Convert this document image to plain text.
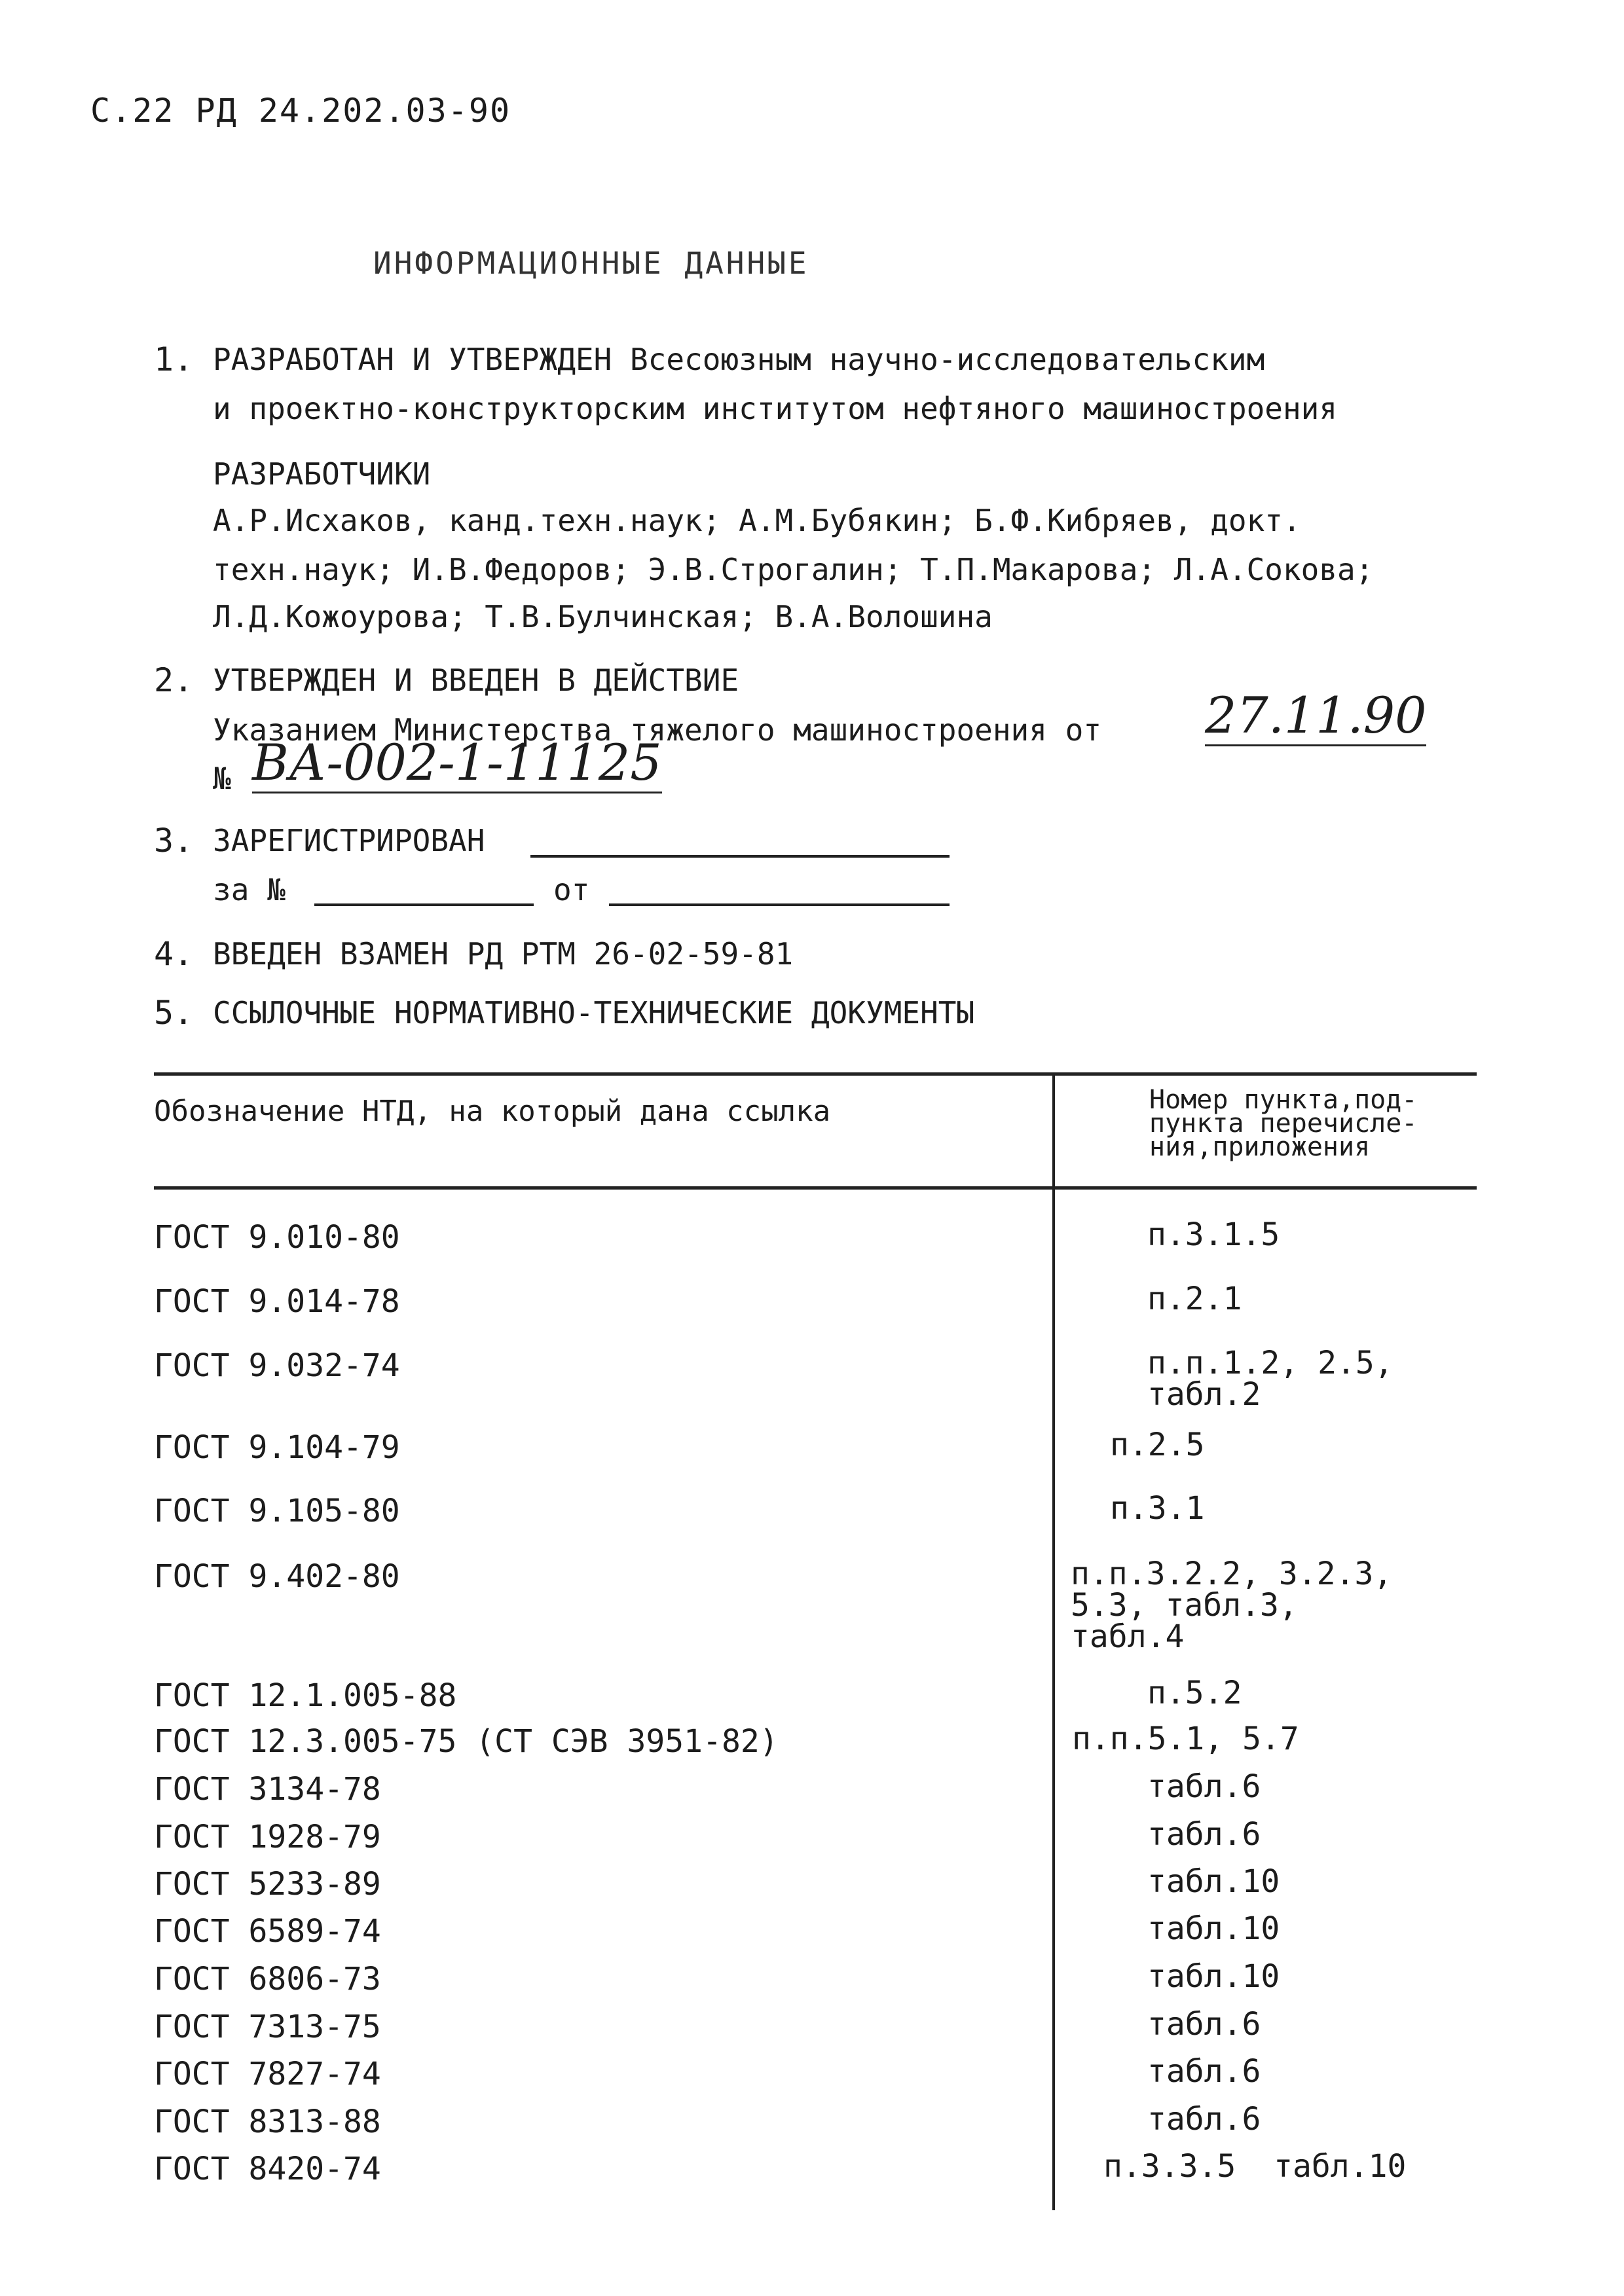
С.22 РД 24.202.03-90
ИНФОРМАЦИОННЫЕ ДАННЫЕ
1. РАЗРАБОТАН И УТВЕРЖДЕН Всесоюзным научно-исследовательским
и проектно-конструкторским институтом нефтяного машиностроения
РАЗРАБОТЧИКИ
А.Р.Исхаков, канд.техн.наук; А.М.Бубякин; Б.Ф.Кибряев, докт.
техн.наук; И.В.Федоров; Э.В.Строгалин; Т.П.Макарова; Л.А.Сокова;
Л.Д.Кожоурова; Т.В.Булчинская; В.А.Волошина
2. УТВЕРЖДЕН И ВВЕДЕН В ДЕЙСТВИЕ
Указанием Министерства тяжелого машиностроения от 27.11.90
№ ВА-002-1-11125
3. ЗАРЕГИСТРИРОВАН
за №	от
4. ВВЕДЕН ВЗАМЕН РД РТМ 26-02-59-81
5. ССЫЛОЧНЫЕ НОРМАТИВНО-ТЕХНИЧЕСКИЕ ДОКУМЕНТЫ
Обозначение НТД, на который дана ссылка	Номер пункта,под-
пункта перечисле-
ния,приложения
ГОСТ 9.010-80	п.3.1.5
ГОСТ 9.014-78	п.2.1
ГОСТ 9.032-74	п.п.1.2, 2.5,
табл.2
ГОСТ 9.104-79	п.2.5
ГОСТ 9.105-80	п.3.1
ГОСТ 9.402-80	п.п.3.2.2, 3.2.3,
5.3, табл.3,
табл.4
ГОСТ 12.1.005-88	п.5.2
ГОСТ 12.3.005-75 (СТ СЭВ 3951-82)	п.п.5.1, 5.7
ГОСТ 3134-78	табл.6
ГОСТ 1928-79	табл.6
ГОСТ 5233-89	табл.10
ГОСТ 6589-74	табл.10
ГОСТ 6806-73	табл.10
ГОСТ 7313-75	табл.6
ГОСТ 7827-74	табл.6
ГОСТ 8313-88	табл.6
ГОСТ 8420-74	п.3.3.5  табл.10
